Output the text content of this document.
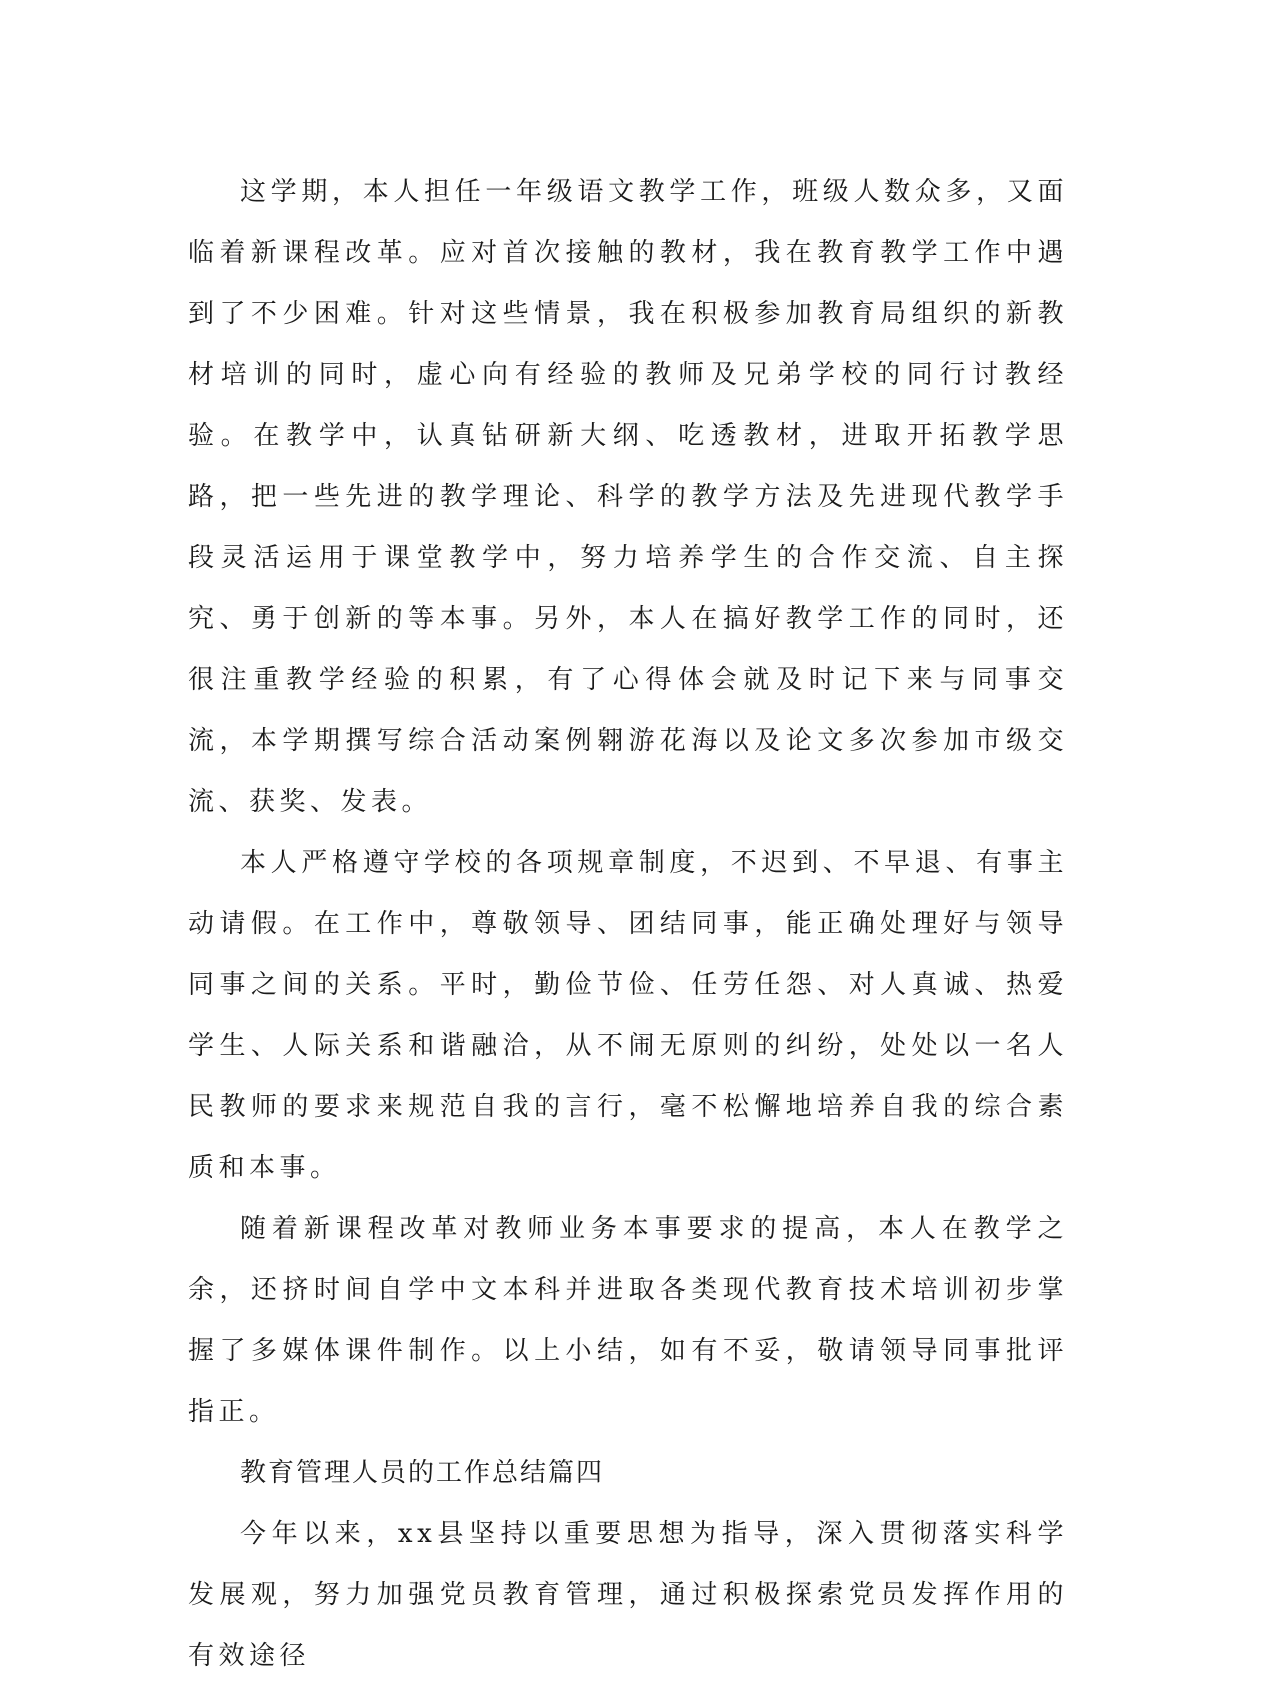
这学期，本人担任一年级语文教学工作，班级人数众多，又面临着新课程改革。应对首次接触的教材，我在教育教学工作中遇到了不少困难。针对这些情景，我在积极参加教育局组织的新教材培训的同时，虚心向有经验的教师及兄弟学校的同行讨教经验。在教学中，认真钻研新大纲、吃透教材，进取开拓教学思路，把一些先进的教学理论、科学的教学方法及先进现代教学手段灵活运用于课堂教学中，努力培养学生的合作交流、自主探究、勇于创新的等本事。另外，本人在搞好教学工作的同时，还很注重教学经验的积累，有了心得体会就及时记下来与同事交流，本学期撰写综合活动案例翱游花海以及论文多次参加市级交流、获奖、发表。

本人严格遵守学校的各项规章制度，不迟到、不早退、有事主动请假。在工作中，尊敬领导、团结同事，能正确处理好与领导同事之间的关系。平时，勤俭节俭、任劳任怨、对人真诚、热爱学生、人际关系和谐融洽，从不闹无原则的纠纷，处处以一名人民教师的要求来规范自我的言行，毫不松懈地培养自我的综合素质和本事。

随着新课程改革对教师业务本事要求的提高，本人在教学之余，还挤时间自学中文本科并进取各类现代教育技术培训初步掌握了多媒体课件制作。以上小结，如有不妥，敬请领导同事批评指正。

教育管理人员的工作总结篇四

今年以来，xx县坚持以重要思想为指导，深入贯彻落实科学发展观，努力加强党员教育管理，通过积极探索党员发挥作用的有效途径
